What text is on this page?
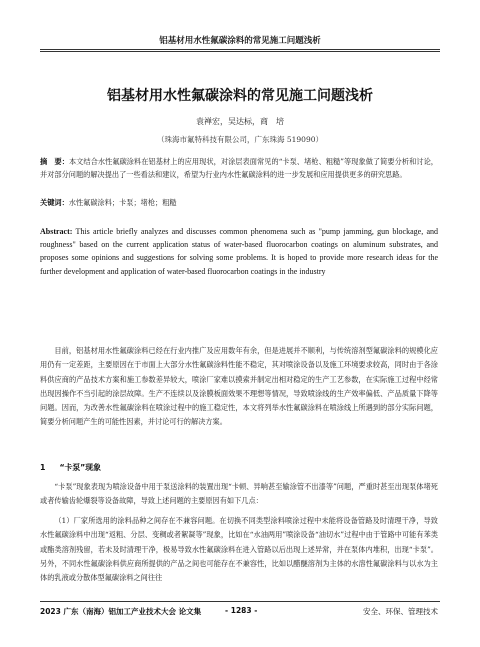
铝基材用水性氟碳涂料的常见施工问题浅析
铝基材用水性氟碳涂料的常见施工问题浅析
袁禅宏，吴达标，商　培
（珠海市氟特科技有限公司，广东珠海 519090）
摘　要：本文结合水性氟碳涂料在铝基材上的应用现状，对涂层表面常见的“卡泵、堵枪、粗糙”等现象做了简要分析和讨论，并对部分问题的解决提出了一些看法和建议，希望为行业内水性氟碳涂料的进一步发展和应用提供更多的研究思路。
关键词：水性氟碳涂料；卡泵；堵枪；粗糙
Abstract: This article briefly analyzes and discusses common phenomena such as "pump jamming, gun blockage, and roughness" based on the current application status of water-based fluorocarbon coatings on aluminum substrates, and proposes some opinions and suggestions for solving some problems. It is hoped to provide more research ideas for the further development and application of water-based fluorocarbon coatings in the industry
目前，铝基材用水性氟碳涂料已经在行业内推广及应用数年有余，但是进展并不顺利，与传统溶剂型氟碳涂料的规模化应用仍有一定差距，主要原因在于市面上大部分水性氟碳涂料性能不稳定，其对喷涂设备以及施工环境要求较高，同时由于各涂料供应商的产品技术方案和施工参数差异较大，喷涂厂家难以摸索并制定出相对稳定的生产工艺参数，在实际施工过程中经常出现因操作不当引起的涂层故障。生产不连续以及涂膜板面效果不理想等情况，导致喷涂线的生产效率偏低、产品质量下降等问题。因而，为改善水性氟碳涂料在喷涂过程中的施工稳定性，本文将列举水性氟碳涂料在喷涂线上所遇到的部分实际问题，简要分析问题产生的可能性因素，并讨论可行的解决方案。
1 “卡泵”现象
“卡泵”现象表现为喷涂设备中用于泵送涂料的装置出现“卡顿、异响甚至输涂管不出漆等”问题，严重时甚至出现泵体堵死或者传输齿轮爆裂等设备故障，导致上述问题的主要原因有如下几点：
（1）厂家所选用的涂料品种之间存在不兼容问题。在切换不同类型涂料喷涂过程中未能将设备管路及时清理干净，导致水性氟碳涂料中出现“返粗、分层、变稠或者絮凝等”现象，比如在“水油两用”喷涂设备“油切水”过程中由于管路中可能有苯类或酯类溶剂残留，若未及时清理干净，极易导致水性氟碳涂料在进入管路以后出现上述异常，并在泵体内堆积，出现“卡泵”。另外，不同水性氟碳涂料供应商所提供的产品之间也可能存在不兼容性，比如以醋醚溶剂为主体的水溶性氟碳涂料与以水为主体的乳液或分散体型氟碳涂料之间往往
2023 广东（南海）铝加工产业技术大会 论文集	- 1283 -	安全、环保、管理技术
